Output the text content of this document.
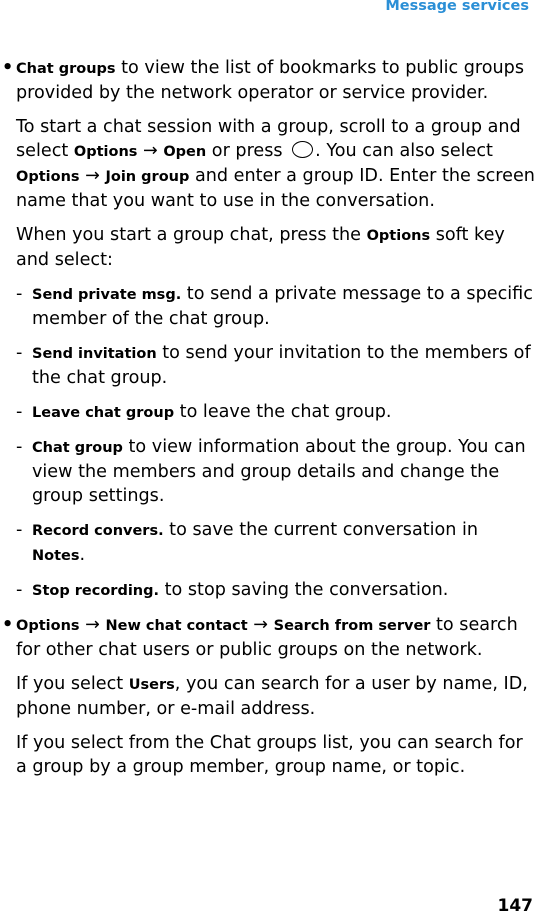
Message services

• Chat groups to view the list of bookmarks to public groups provided by the network operator or service provider.

To start a chat session with a group, scroll to a group and select Options → Open or press . You can also select Options → Join group and enter a group ID. Enter the screen name that you want to use in the conversation.

When you start a group chat, press the Options soft key and select:

- Send private msg. to send a private message to a specific member of the chat group.

- Send invitation to send your invitation to the members of the chat group.

- Leave chat group to leave the chat group.

- Chat group to view information about the group. You can view the members and group details and change the group settings.

- Record convers. to save the current conversation in Notes.

- Stop recording. to stop saving the conversation.

• Options → New chat contact → Search from server to search for other chat users or public groups on the network.

If you select Users, you can search for a user by name, ID, phone number, or e-mail address.

If you select from the Chat groups list, you can search for a group by a group member, group name, or topic.

147
